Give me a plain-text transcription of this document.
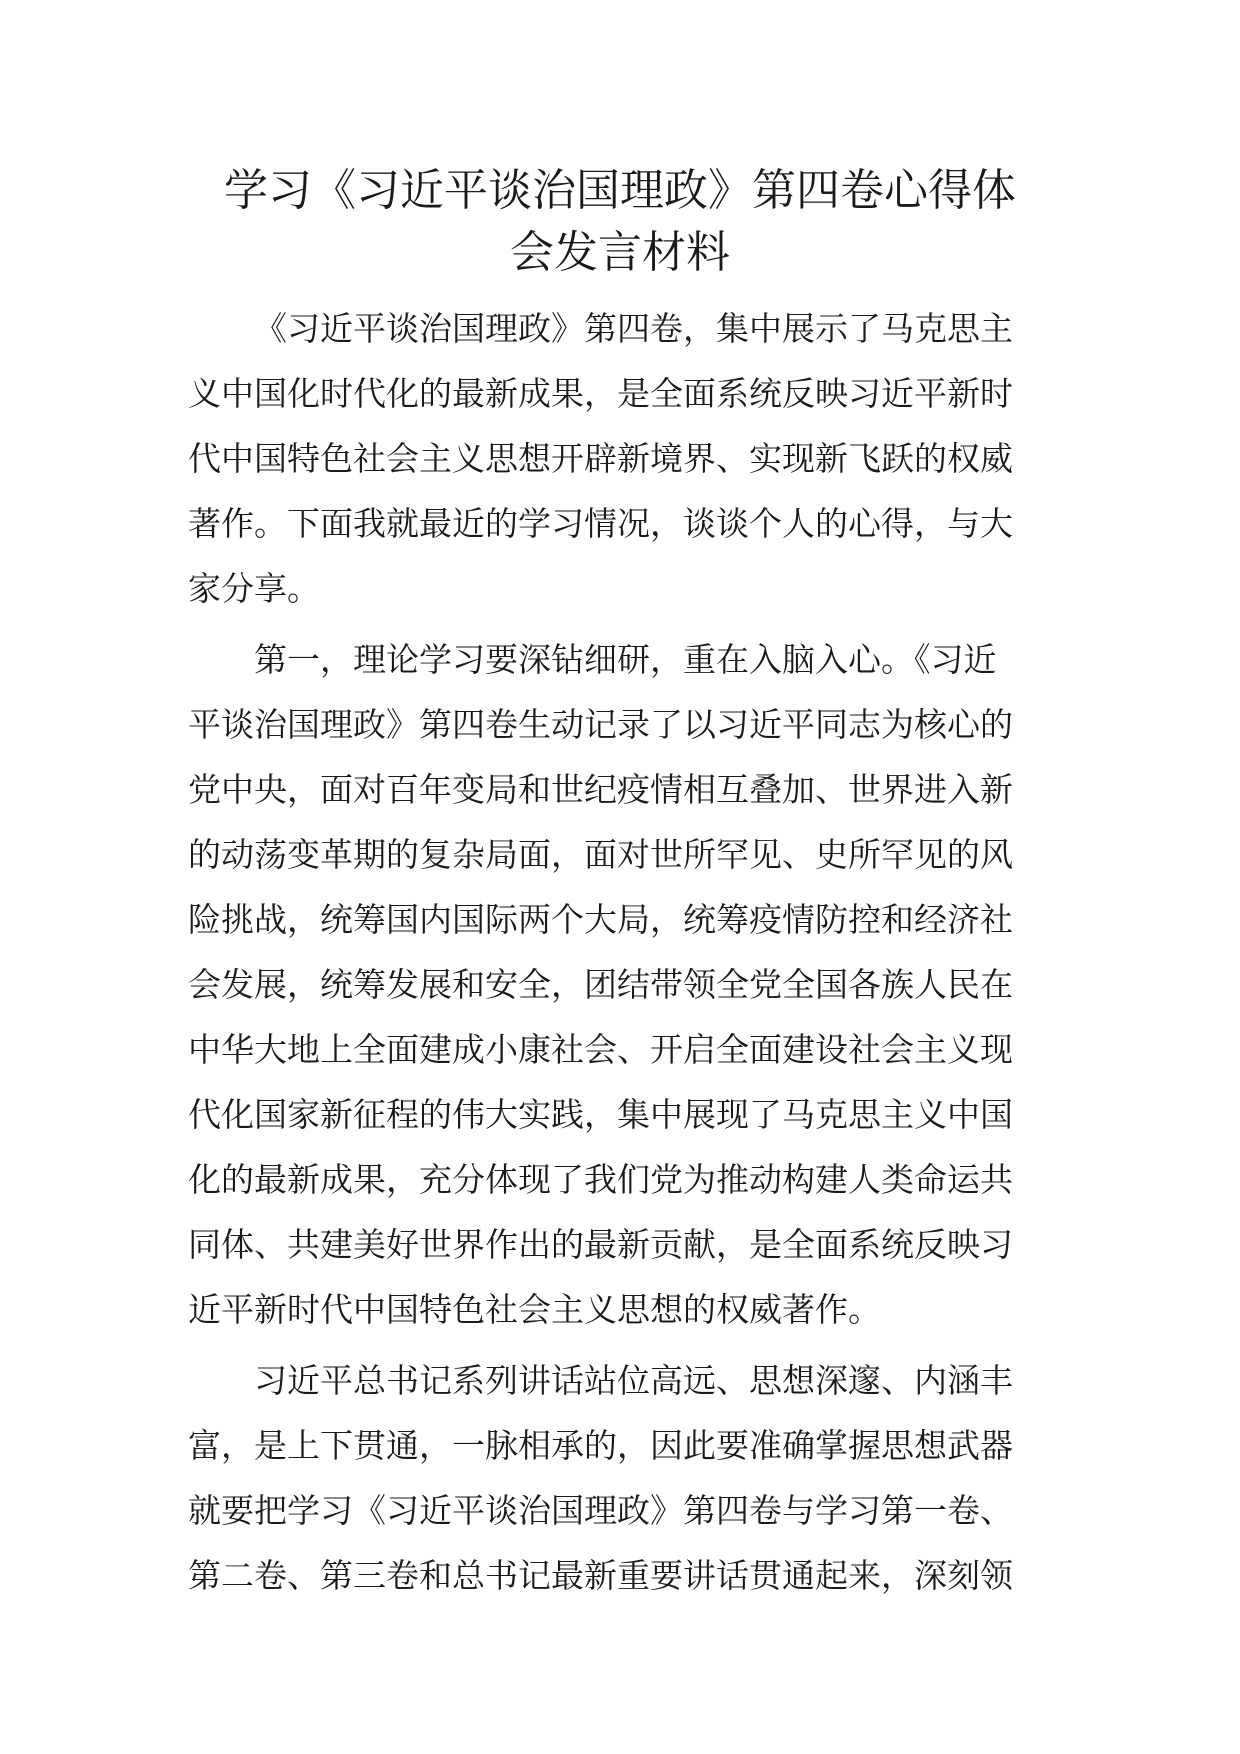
学习《习近平谈治国理政》第四卷心得体
会发言材料

《习近平谈治国理政》第四卷，集中展示了马克思主
义中国化时代化的最新成果，是全面系统反映习近平新时
代中国特色社会主义思想开辟新境界、实现新飞跃的权威
著作。下面我就最近的学习情况，谈谈个人的心得，与大
家分享。

第一，理论学习要深钻细研，重在入脑入心。《习近
平谈治国理政》第四卷生动记录了以习近平同志为核心的
党中央，面对百年变局和世纪疫情相互叠加、世界进入新
的动荡变革期的复杂局面，面对世所罕见、史所罕见的风
险挑战，统筹国内国际两个大局，统筹疫情防控和经济社
会发展，统筹发展和安全，团结带领全党全国各族人民在
中华大地上全面建成小康社会、开启全面建设社会主义现
代化国家新征程的伟大实践，集中展现了马克思主义中国
化的最新成果，充分体现了我们党为推动构建人类命运共
同体、共建美好世界作出的最新贡献，是全面系统反映习
近平新时代中国特色社会主义思想的权威著作。

习近平总书记系列讲话站位高远、思想深邃、内涵丰
富，是上下贯通，一脉相承的，因此要准确掌握思想武器
就要把学习《习近平谈治国理政》第四卷与学习第一卷、
第二卷、第三卷和总书记最新重要讲话贯通起来，深刻领
